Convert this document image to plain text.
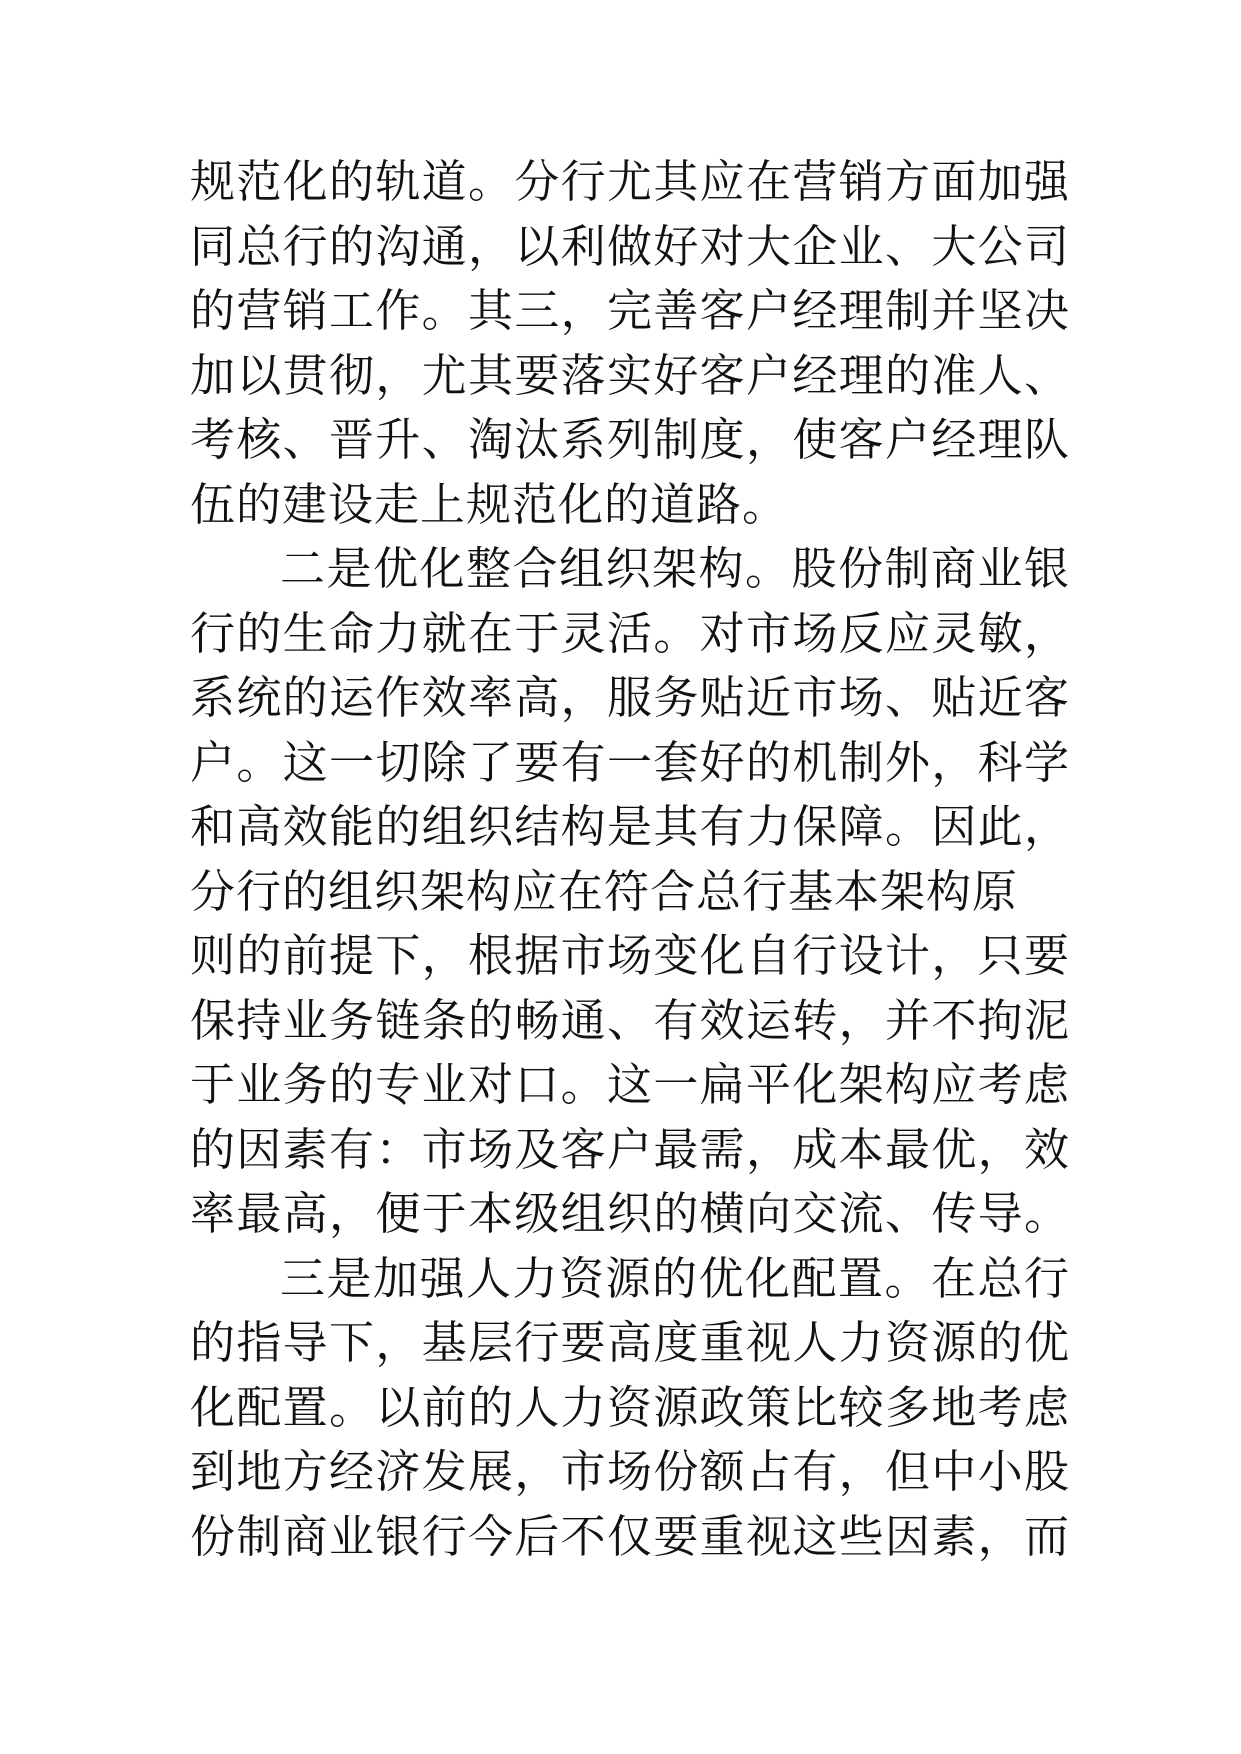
规范化的轨道。分行尤其应在营销方面加强
同总行的沟通，以利做好对大企业、大公司
的营销工作。其三，完善客户经理制并坚决
加以贯彻，尤其要落实好客户经理的准人、
考核、晋升、淘汰系列制度，使客户经理队
伍的建设走上规范化的道路。
二是优化整合组织架构。股份制商业银
行的生命力就在于灵活。对市场反应灵敏，
系统的运作效率高，服务贴近市场、贴近客
户。这一切除了要有一套好的机制外，科学
和高效能的组织结构是其有力保障。因此，
分行的组织架构应在符合总行基本架构原
则的前提下，根据市场变化自行设计，只要
保持业务链条的畅通、有效运转，并不拘泥
于业务的专业对口。这一扁平化架构应考虑
的因素有：市场及客户最需，成本最优，效
率最高，便于本级组织的横向交流、传导。
三是加强人力资源的优化配置。在总行
的指导下，基层行要高度重视人力资源的优
化配置。以前的人力资源政策比较多地考虑
到地方经济发展，市场份额占有，但中小股
份制商业银行今后不仅要重视这些因素，而
